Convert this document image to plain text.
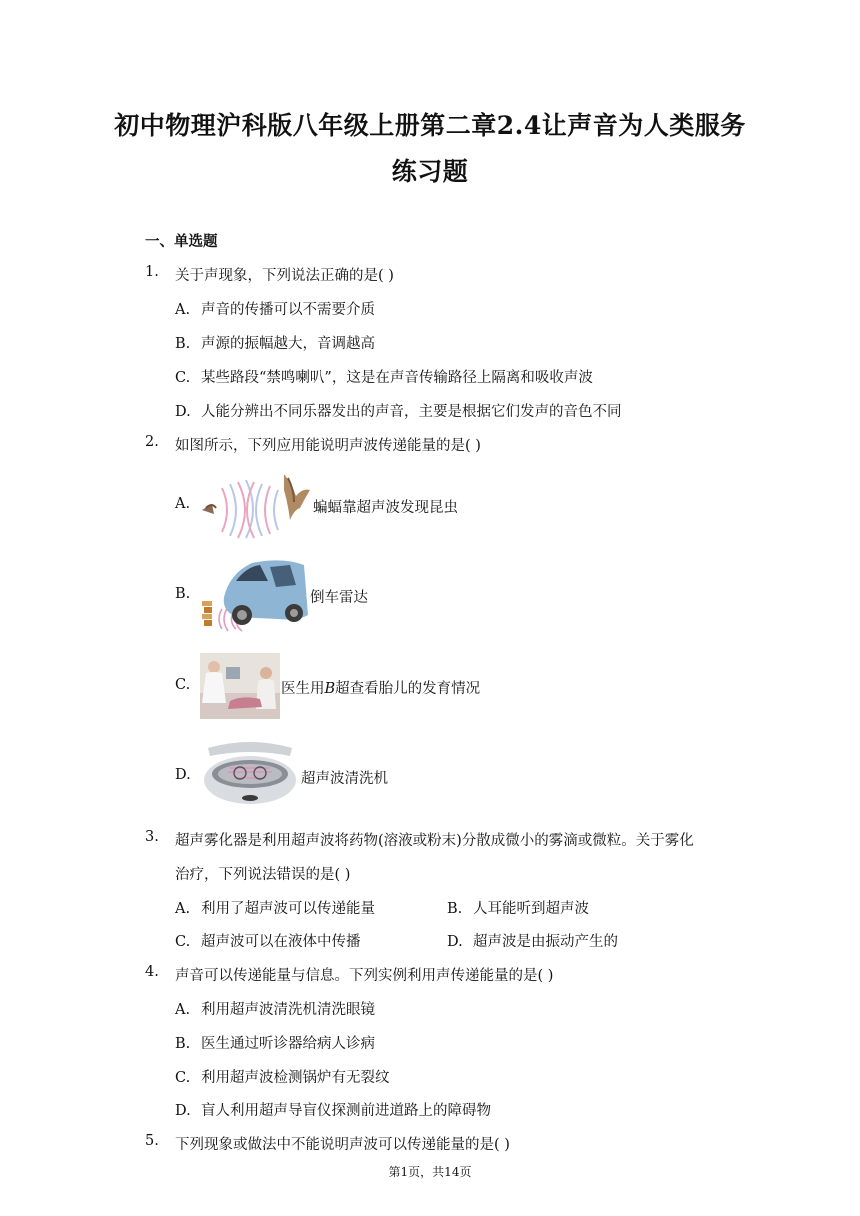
初中物理沪科版八年级上册第二章2.4让声音为人类服务
练习题
一、单选题
1. 关于声现象，下列说法正确的是( )
A. 声音的传播可以不需要介质
B. 声源的振幅越大，音调越高
C. 某些路段“禁鸣喇叭”，这是在声音传输路径上隔离和吸收声波
D. 人能分辨出不同乐器发出的声音，主要是根据它们发声的音色不同
2. 如图所示，下列应用能说明声波传递能量的是( )
A.	蝙蝠靠超声波发现昆虫
B.	倒车雷达
C.	医生用B超查看胎儿的发育情况
D.	超声波清洗机
3. 超声雾化器是利用超声波将药物(溶液或粉末)分散成微小的雾滴或微粒。关于雾化
治疗，下列说法错误的是( )
A. 利用了超声波可以传递能量	B. 人耳能听到超声波
C. 超声波可以在液体中传播	D. 超声波是由振动产生的
4. 声音可以传递能量与信息。下列实例利用声传递能量的是( )
A. 利用超声波清洗机清洗眼镜
B. 医生通过听诊器给病人诊病
C. 利用超声波检测锅炉有无裂纹
D. 盲人利用超声导盲仪探测前进道路上的障碍物
5. 下列现象或做法中不能说明声波可以传递能量的是( )
第1页，共14页
